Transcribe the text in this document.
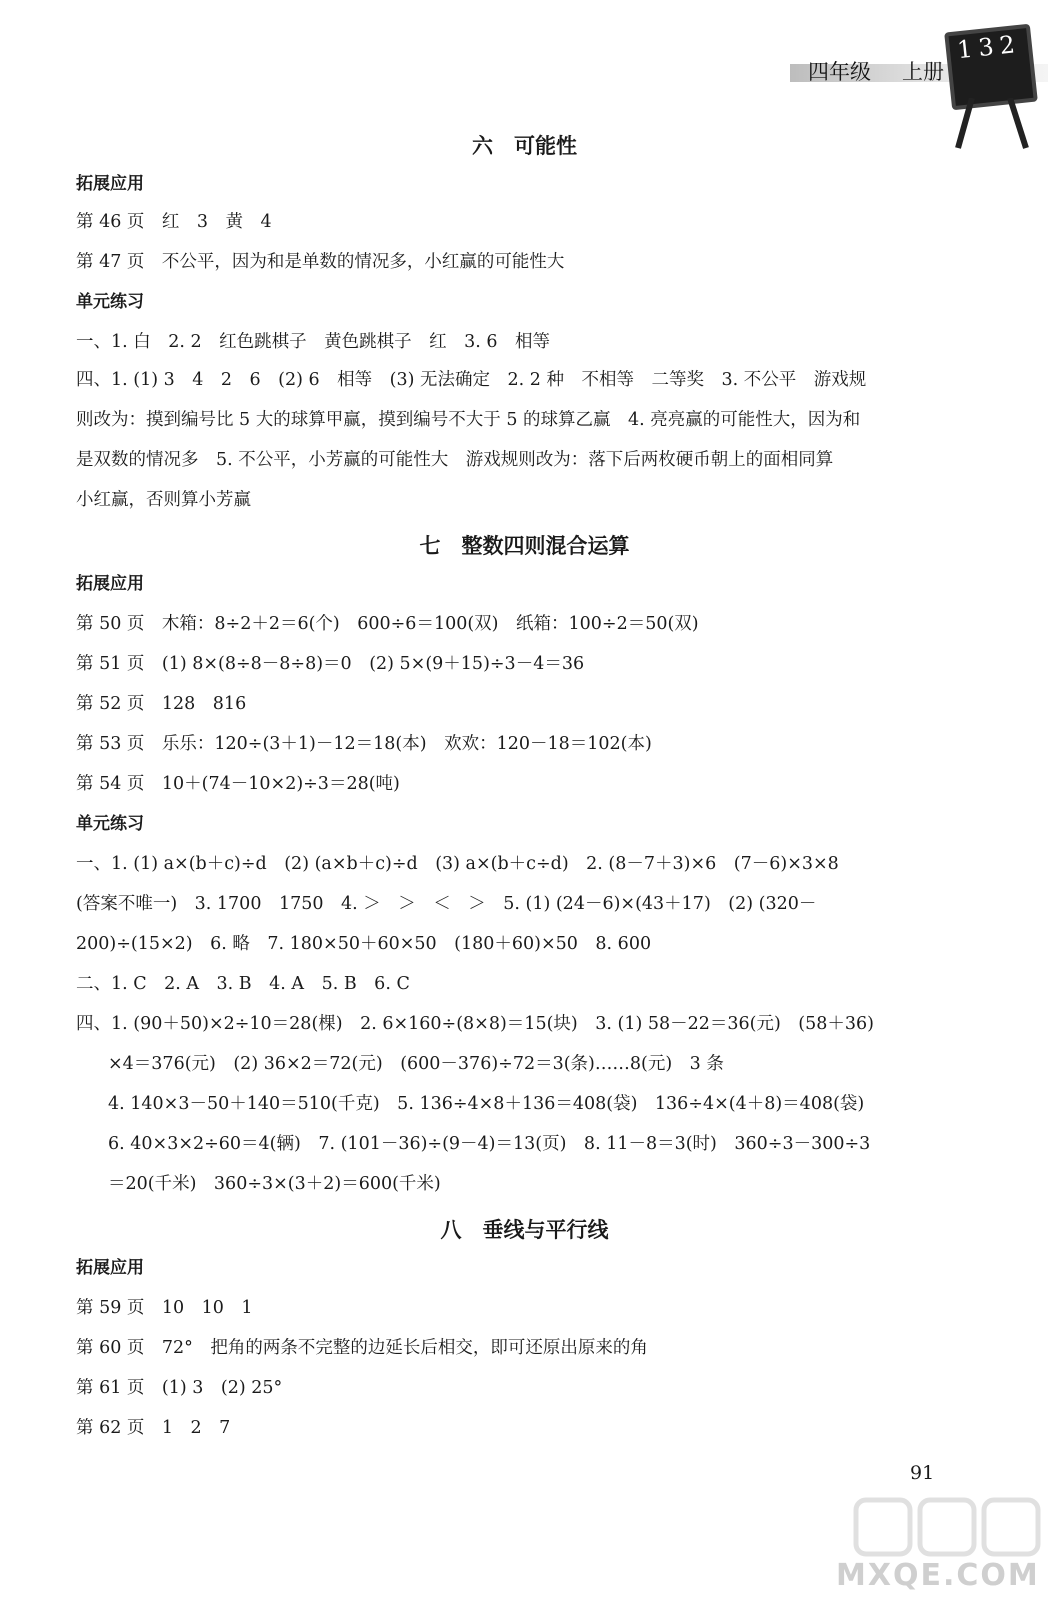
四年级 上册
132
六　可能性
拓展应用
第 46 页　红　3　黄　4
第 47 页　不公平，因为和是单数的情况多，小红赢的可能性大
单元练习
一、1. 白　2. 2　红色跳棋子　黄色跳棋子　红　3. 6　相等
四、1. (1) 3　4　2　6　(2) 6　相等　(3) 无法确定　2. 2 种　不相等　二等奖　3. 不公平　游戏规
则改为：摸到编号比 5 大的球算甲赢，摸到编号不大于 5 的球算乙赢　4. 亮亮赢的可能性大，因为和
是双数的情况多　5. 不公平，小芳赢的可能性大　游戏规则改为：落下后两枚硬币朝上的面相同算
小红赢，否则算小芳赢
七　整数四则混合运算
拓展应用
第 50 页　木箱：8÷2＋2＝6(个)　600÷6＝100(双)　纸箱：100÷2＝50(双)
第 51 页　(1) 8×(8÷8－8÷8)＝0　(2) 5×(9＋15)÷3－4＝36
第 52 页　128　816
第 53 页　乐乐：120÷(3＋1)－12＝18(本)　欢欢：120－18＝102(本)
第 54 页　10＋(74－10×2)÷3＝28(吨)
单元练习
一、1. (1) a×(b＋c)÷d　(2) (a×b＋c)÷d　(3) a×(b＋c÷d)　2. (8－7＋3)×6　(7－6)×3×8
(答案不唯一)　3. 1700　1750　4. ＞　＞　＜　＞　5. (1) (24－6)×(43＋17)　(2) (320－
200)÷(15×2)　6. 略　7. 180×50＋60×50　(180＋60)×50　8. 600
二、1. C　2. A　3. B　4. A　5. B　6. C
四、1. (90＋50)×2÷10＝28(棵)　2. 6×160÷(8×8)＝15(块)　3. (1) 58－22＝36(元)　(58＋36)
×4＝376(元)　(2) 36×2＝72(元)　(600－376)÷72＝3(条)……8(元)　3 条
4. 140×3－50＋140＝510(千克)　5. 136÷4×8＋136＝408(袋)　136÷4×(4＋8)＝408(袋)
6. 40×3×2÷60＝4(辆)　7. (101－36)÷(9－4)＝13(页)　8. 11－8＝3(时)　360÷3－300÷3
＝20(千米)　360÷3×(3＋2)＝600(千米)
八　垂线与平行线
拓展应用
第 59 页　10　10　1
第 60 页　72°　把角的两条不完整的边延长后相交，即可还原出原来的角
第 61 页　(1) 3　(2) 25°
第 62 页　1　2　7
91
MXQE.COM
